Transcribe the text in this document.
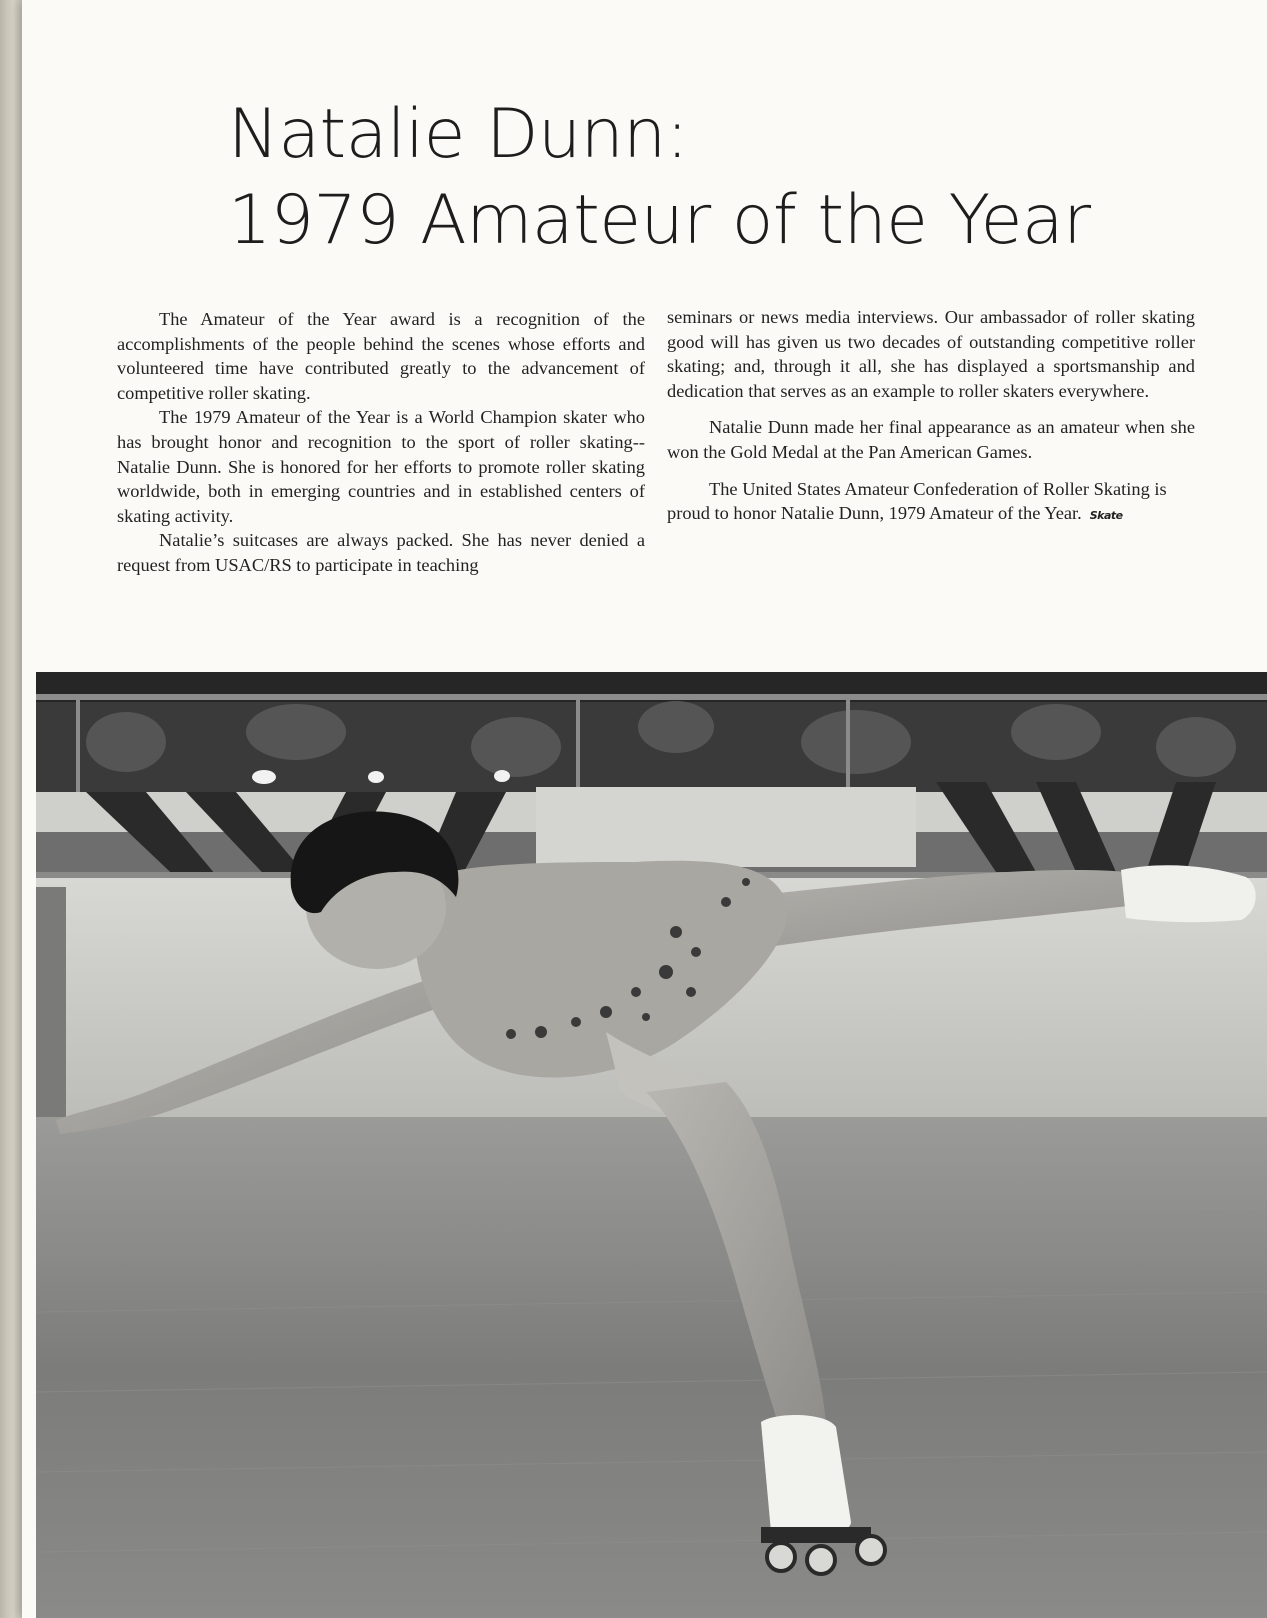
Natalie Dunn:
1979 Amateur of the Year

The Amateur of the Year award is a recognition of the accomplishments of the people behind the scenes whose efforts and volunteered time have contributed greatly to the advancement of competitive roller skating.

The 1979 Amateur of the Year is a World Champion skater who has brought honor and recognition to the sport of roller skating--Natalie Dunn. She is honored for her efforts to promote roller skating worldwide, both in emerging countries and in established centers of skating activity.

Natalie’s suitcases are always packed. She has never denied a request from USAC/RS to participate in teaching

seminars or news media interviews. Our ambassador of roller skating good will has given us two decades of outstanding competitive roller skating; and, through it all, she has displayed a sportsmanship and dedication that serves as an example to roller skaters everywhere.

Natalie Dunn made her final appearance as an amateur when she won the Gold Medal at the Pan American Games.

The United States Amateur Confederation of Roller Skating is proud to honor Natalie Dunn, 1979 Amateur of the Year. Skate
